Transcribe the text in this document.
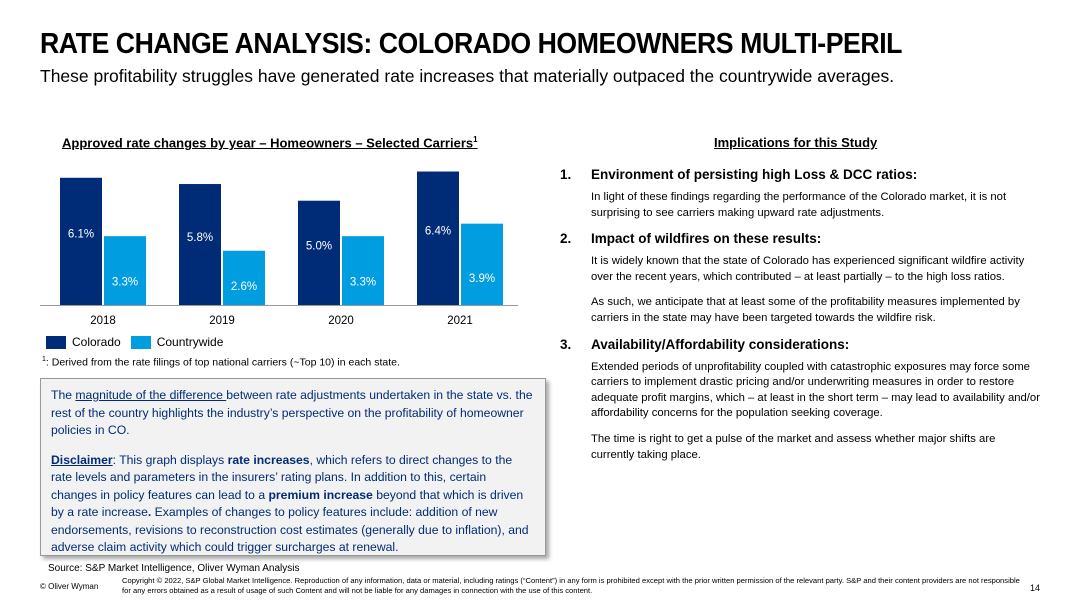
RATE CHANGE ANALYSIS: COLORADO HOMEOWNERS MULTI-PERIL
These profitability struggles have generated rate increases that materially outpaced the countrywide averages.
Approved rate changes by year – Homeowners – Selected Carriers$^1$
6.1%
3.3%
2018
5.8%
2.6%
2019
5.0%
3.3%
2020
6.4%
3.9%
2021
Colorado	Countrywide
$^1$: Derived from the rate filings of top national carriers (~Top 10) in each state.

The magnitude of the difference between rate adjustments undertaken in the state vs. the rest of the country highlights the industry’s perspective on the profitability of homeowner policies in CO.

Disclaimer: This graph displays rate increases, which refers to direct changes to the rate levels and parameters in the insurers’ rating plans. In addition to this, certain changes in policy features can lead to a premium increase beyond that which is driven by a rate increase. Examples of changes to policy features include: addition of new endorsements, revisions to reconstruction cost estimates (generally due to inflation), and adverse claim activity which could trigger surcharges at renewal.

Source: S&P Market Intelligence, Oliver Wyman Analysis
© Oliver Wyman
Copyright © 2022, S&P Global Market Intelligence. Reproduction of any information, data or material, including ratings (“Content”) in any form is prohibited except with the prior written permission of the relevant party. S&P and their content providers are not responsible for any errors obtained as a result of usage of such Content and will not be liable for any damages in connection with the use of this content.	14
Implications for this Study
1.	Environment of persisting high Loss & DCC ratios:
In light of these findings regarding the performance of the Colorado market, it is not surprising to see carriers making upward rate adjustments.
2.	Impact of wildfires on these results:
It is widely known that the state of Colorado has experienced significant wildfire activity over the recent years, which contributed – at least partially – to the high loss ratios.
As such, we anticipate that at least some of the profitability measures implemented by carriers in the state may have been targeted towards the wildfire risk.
3.	Availability/Affordability considerations:
Extended periods of unprofitability coupled with catastrophic exposures may force some carriers to implement drastic pricing and/or underwriting measures in order to restore adequate profit margins, which – at least in the short term – may lead to availability and/or affordability concerns for the population seeking coverage.
The time is right to get a pulse of the market and assess whether major shifts are currently taking place.
